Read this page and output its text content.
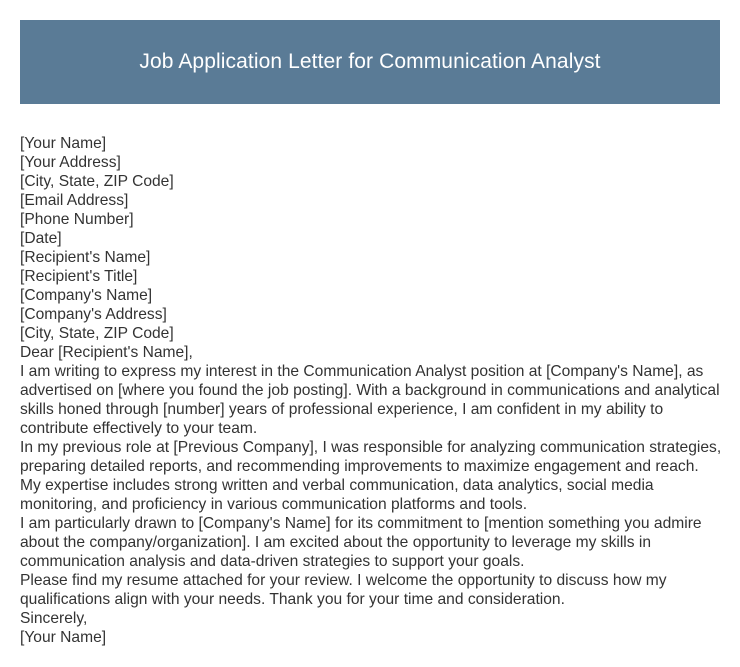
Job Application Letter for Communication Analyst
[Your Name]
[Your Address]
[City, State, ZIP Code]
[Email Address]
[Phone Number]
[Date]
[Recipient's Name]
[Recipient's Title]
[Company's Name]
[Company's Address]
[City, State, ZIP Code]
Dear [Recipient's Name],

I am writing to express my interest in the Communication Analyst position at [Company's Name], as advertised on [where you found the job posting]. With a background in communications and analytical skills honed through [number] years of professional experience, I am confident in my ability to contribute effectively to your team.

In my previous role at [Previous Company], I was responsible for analyzing communication strategies, preparing detailed reports, and recommending improvements to maximize engagement and reach. My expertise includes strong written and verbal communication, data analytics, social media monitoring, and proficiency in various communication platforms and tools.

I am particularly drawn to [Company's Name] for its commitment to [mention something you admire about the company/organization]. I am excited about the opportunity to leverage my skills in communication analysis and data-driven strategies to support your goals.

Please find my resume attached for your review. I welcome the opportunity to discuss how my qualifications align with your needs. Thank you for your time and consideration.

Sincerely,
[Your Name]
